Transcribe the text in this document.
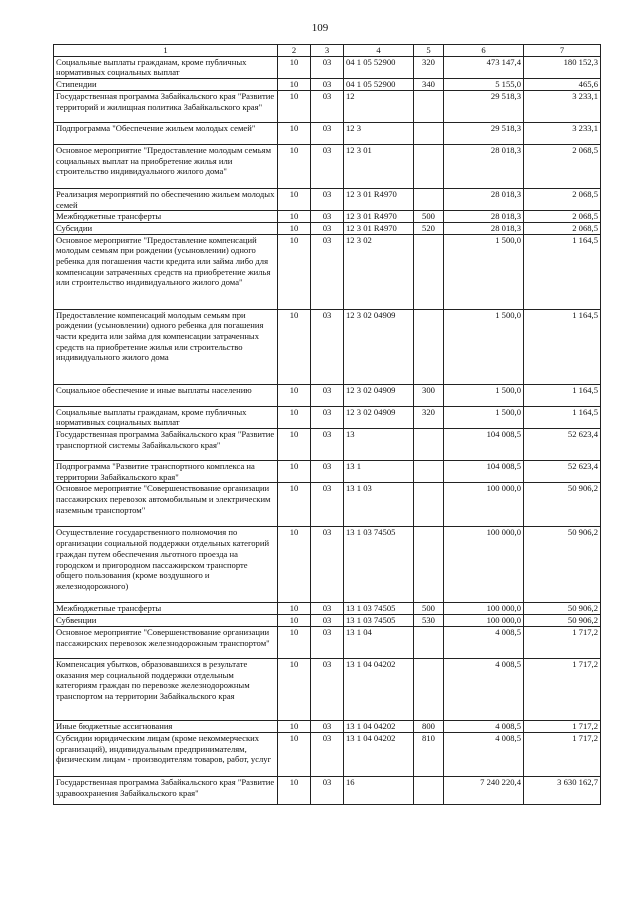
109
1	2	3	4	5	6	7
Социальные выплаты гражданам, кроме публичных нормативных социальных выплат	10	03	04 1 05 52900	320	473 147,4	180 152,3
Стипендии	10	03	04 1 05 52900	340	5 155,0	465,6
Государственная программа Забайкальского края "Развитие территорий и жилищная политика Забайкальского края"	10	03	12		29 518,3	3 233,1
Подпрограмма "Обеспечение жильем молодых семей"	10	03	12 3		29 518,3	3 233,1
Основное мероприятие "Предоставление молодым семьям социальных выплат на приобретение жилья или строительство индивидуального жилого дома"	10	03	12 3 01		28 018,3	2 068,5
Реализация мероприятий по обеспечению жильем молодых семей	10	03	12 3 01 R4970		28 018,3	2 068,5
Межбюджетные трансферты	10	03	12 3 01 R4970	500	28 018,3	2 068,5
Субсидии	10	03	12 3 01 R4970	520	28 018,3	2 068,5
Основное мероприятие "Предоставление компенсаций молодым семьям при рождении (усыновлении) одного ребенка для погашения части кредита или займа либо для компенсации затраченных средств на приобретение жилья или строительство индивидуального жилого дома"	10	03	12 3 02		1 500,0	1 164,5
Предоставление компенсаций молодым семьям при рождении (усыновлении) одного ребенка для погашения части кредита или займа для компенсации затраченных средств на приобретение жилья или строительство индивидуального жилого дома	10	03	12 3 02 04909		1 500,0	1 164,5
Социальное обеспечение и иные выплаты населению	10	03	12 3 02 04909	300	1 500,0	1 164,5
Социальные выплаты гражданам, кроме публичных нормативных социальных выплат	10	03	12 3 02 04909	320	1 500,0	1 164,5
Государственная программа Забайкальского края "Развитие транспортной системы Забайкальского края"	10	03	13		104 008,5	52 623,4
Подпрограмма "Развитие транспортного комплекса на территории Забайкальского края"	10	03	13 1		104 008,5	52 623,4
Основное мероприятие "Совершенствование организации пассажирских перевозок автомобильным и электрическим наземным транспортом"	10	03	13 1 03		100 000,0	50 906,2
Осуществление государственного полномочия по организации социальной поддержки отдельных категорий граждан путем обеспечения льготного проезда на городском и пригородном пассажирском транспорте общего пользования (кроме воздушного и железнодорожного)	10	03	13 1 03 74505		100 000,0	50 906,2
Межбюджетные трансферты	10	03	13 1 03 74505	500	100 000,0	50 906,2
Субвенции	10	03	13 1 03 74505	530	100 000,0	50 906,2
Основное мероприятие "Совершенствование организации пассажирских перевозок железнодорожным транспортом"	10	03	13 1 04		4 008,5	1 717,2
Компенсация убытков, образовавшихся в результате оказания мер социальной поддержки отдельным категориям граждан по перевозке железнодорожным транспортом на территории Забайкальского края	10	03	13 1 04 04202		4 008,5	1 717,2
Иные бюджетные ассигнования	10	03	13 1 04 04202	800	4 008,5	1 717,2
Субсидии юридическим лицам (кроме некоммерческих организаций), индивидуальным предпринимателям, физическим лицам - производителям товаров, работ, услуг	10	03	13 1 04 04202	810	4 008,5	1 717,2
Государственная программа Забайкальского края "Развитие здравоохранения Забайкальского края"	10	03	16		7 240 220,4	3 630 162,7
